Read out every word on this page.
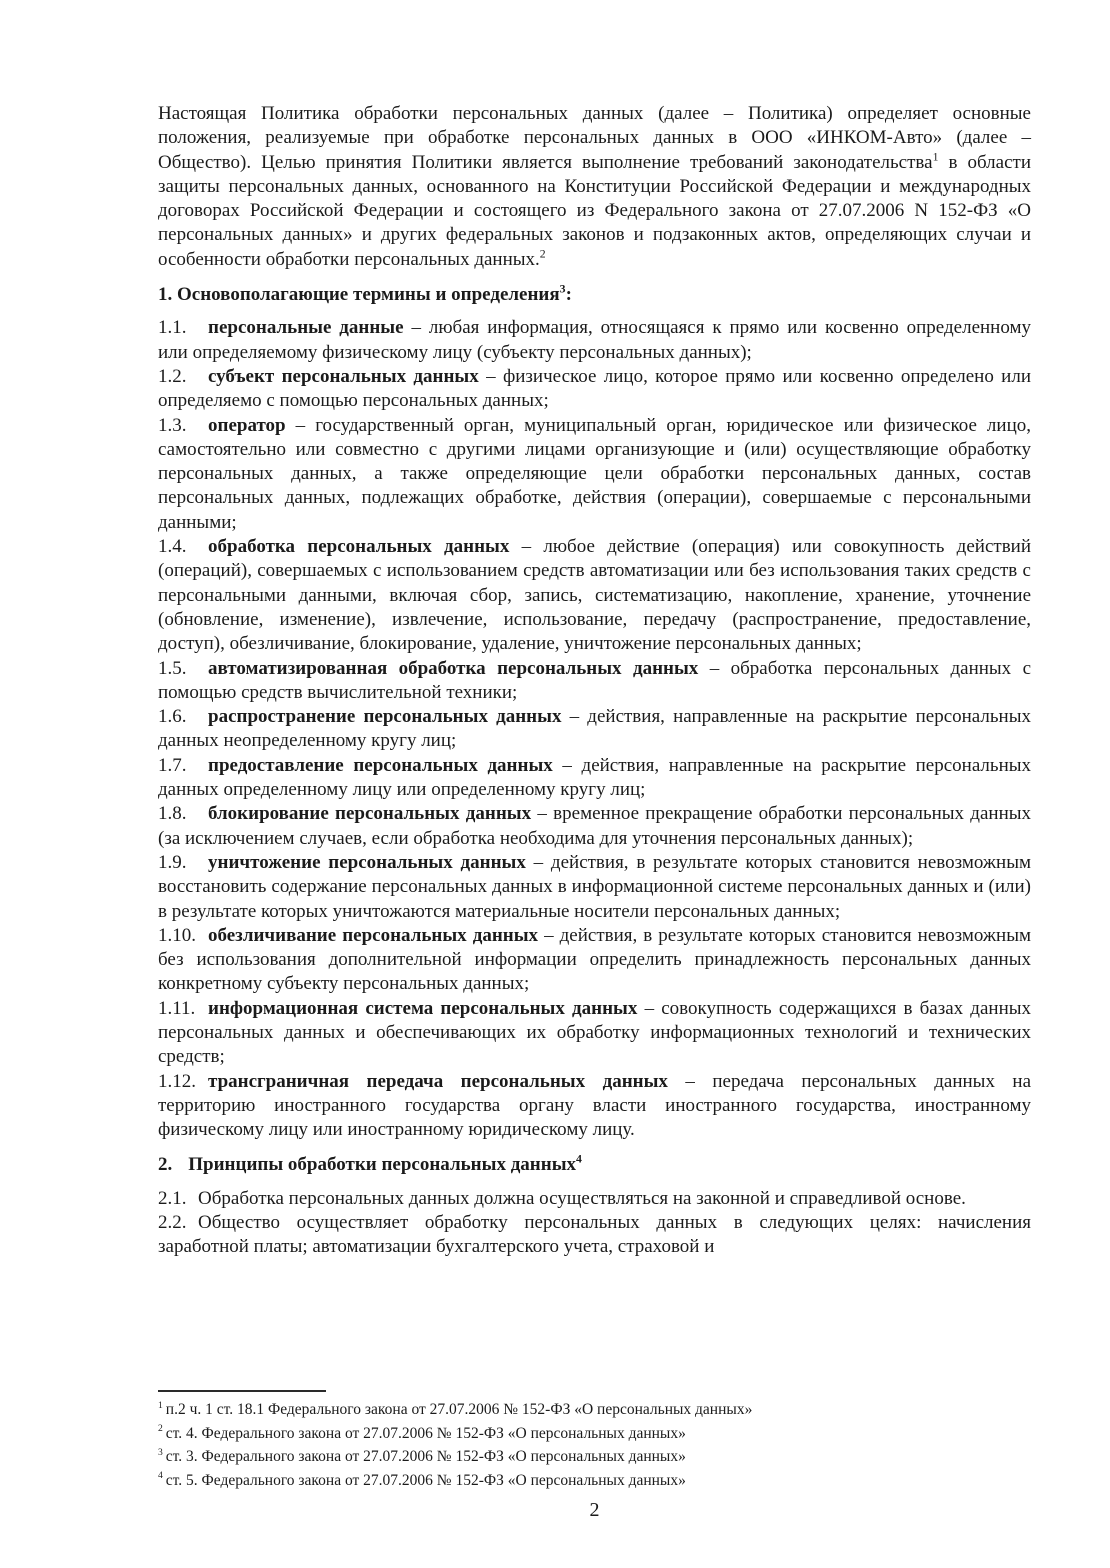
Настоящая Политика обработки персональных данных (далее – Политика) определяет основные положения, реализуемые при обработке персональных данных в ООО «ИНКОМ-Авто» (далее – Общество). Целью принятия Политики является выполнение требований законодательства$^1$ в области защиты персональных данных, основанного на Конституции Российской Федерации и международных договорах Российской Федерации и состоящего из Федерального закона от 27.07.2006 N 152-ФЗ «О персональных данных» и других федеральных законов и подзаконных актов, определяющих случаи и особенности обработки персональных данных.$^2$

1. Основополагающие термины и определения$^3$:

1.1. персональные данные – любая информация, относящаяся к прямо или косвенно определенному или определяемому физическому лицу (субъекту персональных данных);

1.2. субъект персональных данных – физическое лицо, которое прямо или косвенно определено или определяемо с помощью персональных данных;

1.3. оператор – государственный орган, муниципальный орган, юридическое или физическое лицо, самостоятельно или совместно с другими лицами организующие и (или) осуществляющие обработку персональных данных, а также определяющие цели обработки персональных данных, состав персональных данных, подлежащих обработке, действия (операции), совершаемые с персональными данными;

1.4. обработка персональных данных – любое действие (операция) или совокупность действий (операций), совершаемых с использованием средств автоматизации или без использования таких средств с персональными данными, включая сбор, запись, систематизацию, накопление, хранение, уточнение (обновление, изменение), извлечение, использование, передачу (распространение, предоставление, доступ), обезличивание, блокирование, удаление, уничтожение персональных данных;

1.5. автоматизированная обработка персональных данных – обработка персональных данных с помощью средств вычислительной техники;

1.6. распространение персональных данных – действия, направленные на раскрытие персональных данных неопределенному кругу лиц;

1.7. предоставление персональных данных – действия, направленные на раскрытие персональных данных определенному лицу или определенному кругу лиц;

1.8. блокирование персональных данных – временное прекращение обработки персональных данных (за исключением случаев, если обработка необходима для уточнения персональных данных);

1.9. уничтожение персональных данных – действия, в результате которых становится невозможным восстановить содержание персональных данных в информационной системе персональных данных и (или) в результате которых уничтожаются материальные носители персональных данных;

1.10. обезличивание персональных данных – действия, в результате которых становится невозможным без использования дополнительной информации определить принадлежность персональных данных конкретному субъекту персональных данных;

1.11. информационная система персональных данных – совокупность содержащихся в базах данных персональных данных и обеспечивающих их обработку информационных технологий и технических средств;

1.12. трансграничная передача персональных данных – передача персональных данных на территорию иностранного государства органу власти иностранного государства, иностранному физическому лицу или иностранному юридическому лицу.

2. Принципы обработки персональных данных$^4$

2.1. Обработка персональных данных должна осуществляться на законной и справедливой основе.

2.2. Общество осуществляет обработку персональных данных в следующих целях: начисления заработной платы; автоматизации бухгалтерского учета, страховой и

$^1$ п.2 ч. 1 ст. 18.1 Федерального закона от 27.07.2006 № 152-ФЗ «О персональных данных»

$^2$ ст. 4. Федерального закона от 27.07.2006 № 152-ФЗ «О персональных данных»

$^3$ ст. 3. Федерального закона от 27.07.2006 № 152-ФЗ «О персональных данных»

$^4$ ст. 5. Федерального закона от 27.07.2006 № 152-ФЗ «О персональных данных»

2
